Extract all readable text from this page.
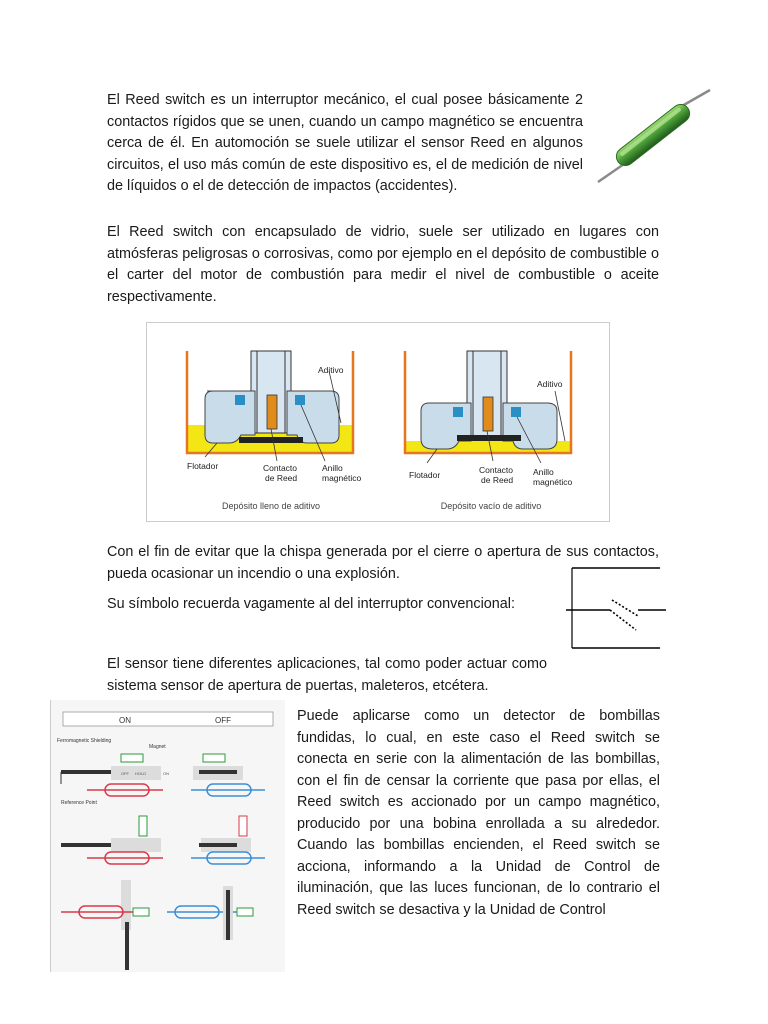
El Reed switch es un interruptor mecánico, el cual posee básicamente 2 contactos rígidos que se unen, cuando un campo magnético se encuentra cerca de él. En automoción se suele utilizar el sensor Reed en algunos circuitos, el uso más común de este dispositivo es, el de medición de nivel de líquidos o el de detección de impactos (accidentes).

El Reed switch con encapsulado de vidrio, suele ser utilizado en lugares con atmósferas peligrosas o corrosivas, como por ejemplo en el depósito de combustible o el carter del motor de combustión para medir el nivel de combustible o aceite respectivamente.

Aditivo
Flotador	Contacto
de Reed
Anillo
magnético
Depósito lleno de aditivo
Aditivo
Flotador	Contacto
de Reed
Anillo
magnético
Depósito vacío de aditivo

Con el fin de evitar que la chispa generada por el cierre o apertura de sus contactos, pueda ocasionar un incendio o una explosión.

Su símbolo recuerda vagamente al del interruptor convencional:

El sensor tiene diferentes aplicaciones, tal como poder actuar como sistema sensor de apertura de puertas, maleteros, etcétera.

ON	OFF
Ferromagnetic Shielding
Magnet
OFF HOLD	ON
Reference Point

Puede aplicarse como un detector de bombillas fundidas, lo cual, en este caso el Reed switch se conecta en serie con la alimentación de las bombillas, con el fin de censar la corriente que pasa por ellas, el Reed switch es accionado por un campo magnético, producido por una bobina enrollada a su alrededor. Cuando las bombillas encienden, el Reed switch se acciona, informando a la Unidad de Control de iluminación, que las luces funcionan, de lo contrario el Reed switch se desactiva y la Unidad de Control
